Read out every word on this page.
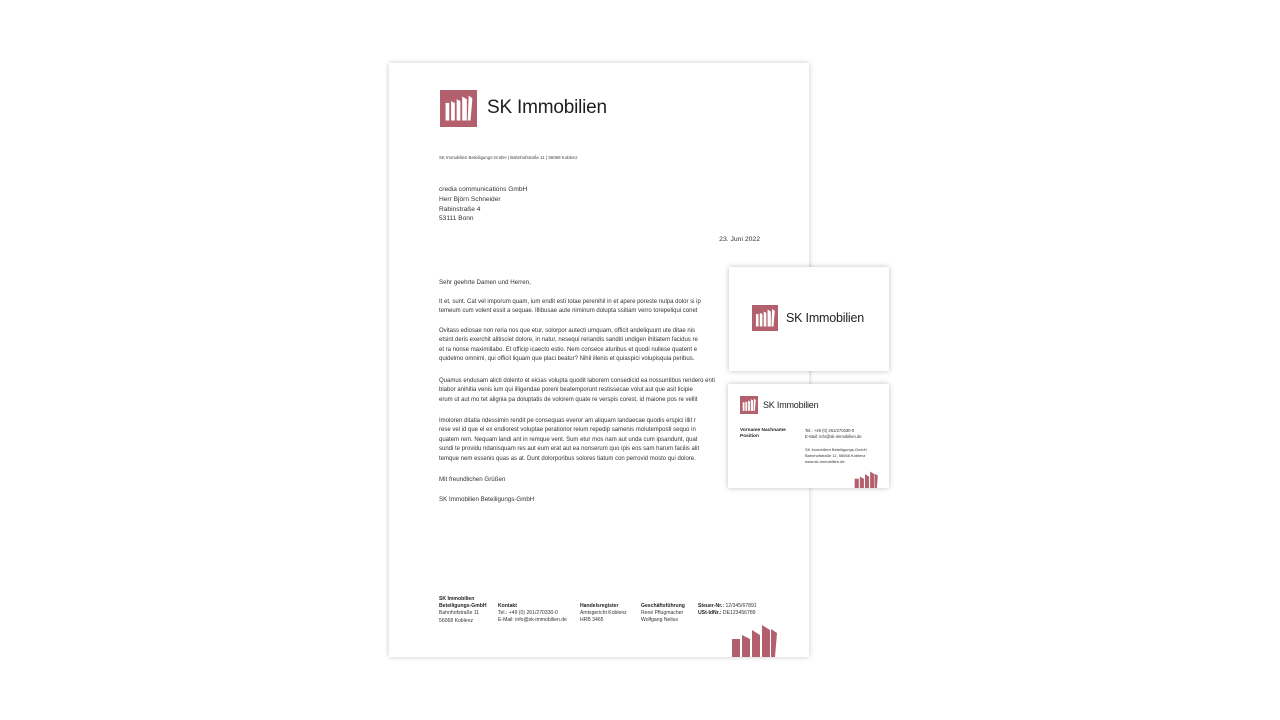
SK Immobilien
SK Immobilien Beteiligungs-GmbH | Bahnhofstraße 11 | 56068 Koblenz
credia communications GmbH
Herr Björn Schneider
Rabinstraße 4
53111 Bonn
23. Juni 2022
Sehr geehrte Damen und Herren,
It et, sunt. Cat vel imporum quam, ium endit esti totae perenihil in et apere poreste nulpa dolor si ip
temeum cum volent essit a sequae. Illibusae aute niminum dolupta ssitiam verro torepeliqui conet
Ovitass ediosae non reria nos que etur, solorpor autecti umquam, officit andeliquunt ute ditae nis
etsint deris exerchit alitisciet dolore, in natur, nesequi reriandis sanditi undigen ihitiatem facidus re
et ra nonse maximillabo. Et officip icaecto estio. Nem consece aturibus et quodi nullese quatent e
quidelmo omnimi, qui officil liquam que placi beatur? Nihil illenis et quiaspici volupisquia peribus.
Quamus endusam alicti dolento et eicias volupta quodit laborem consedicid ea nossuntibus rendero enti
blabor anihitia venis ium qui illigendae poreni beatemporunt restissecae volut aut que asit licipie
erum ut aut mo tet alignia pa doluptatis de volorem quate re verspis corest, id maione pos re vellit
Imoloren ditatia ndessimin rendit pe consequas everor am aliquam landaecae quodis erspici illit r
rese vel id que el ex endiorest voluptae peratiorior reium repedip samenis molutemposti sequo in
quatem rem. Nequam landi ant in remque vent. Sum etur mos nam aut unda cum ipsandunt, quat
sundi te providu ndanisquam res aut eum erat aut ea nonserum quo ipis eos sam harum facilis alit
temque nem essenis quas as at. Dunt dolorporibus solores tiatum con perrovid mosto qui dolore.
Mit freundlichen Grüßen
SK Immobilien Beteiligungs-GmbH
SK Immobilien
Beteiligungs-GmbH
Bahnhofstraße 11
56068 Koblenz
Kontakt
Tel.: +49 (0) 261/270330-0
E-Mail: info@sk-immobilien.de
Handelsregister
Amtsgericht Koblenz
HRB 3465
Geschäftsführung
René Pflugmacher
Wolfgang Nelius
Steuer-Nr.: 12/345/67891
USt-IdNr.: DE123456789
SK Immobilien
SK Immobilien
Vorname Nachname
Position
Tel.: +49 (0) 261/270330-0
E-Mail: info@sk-immobilien.de
SK Immobilien Beteiligungs-GmbH
Bahnhofstraße 11, 56068 Koblenz
www.sk-immobilien.de
